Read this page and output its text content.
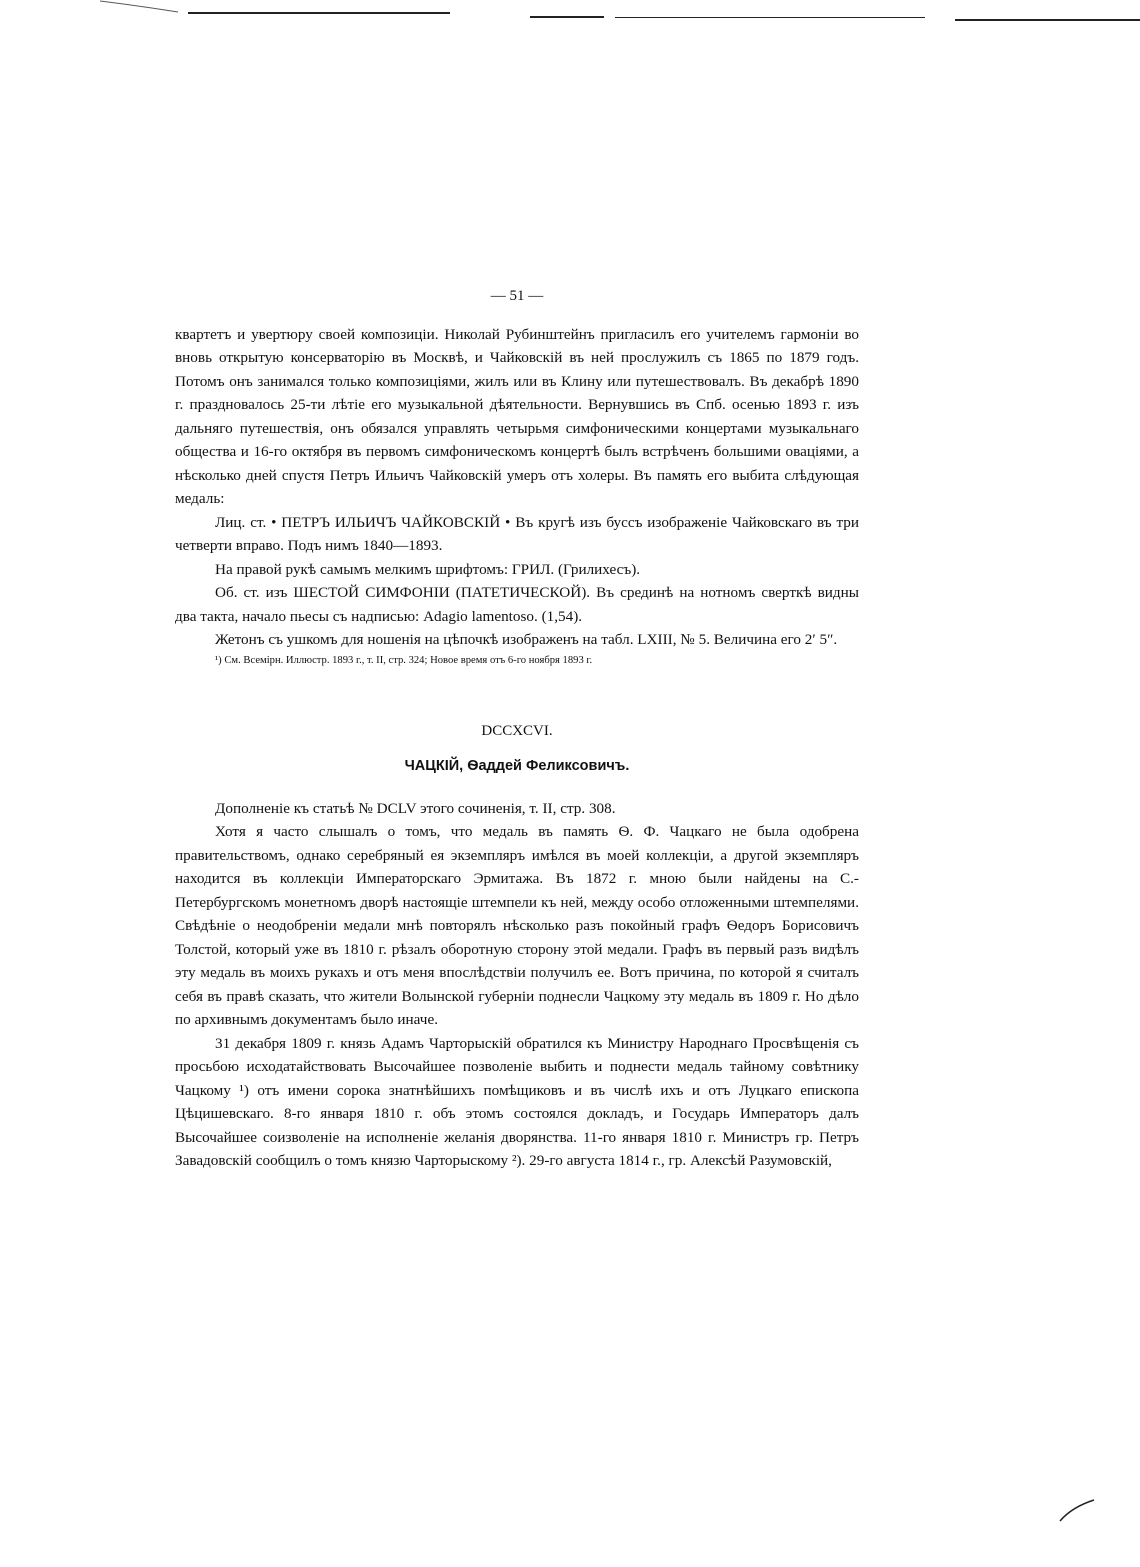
— 51 —

квартетъ и увертюру своей композиціи. Николай Рубинштейнъ пригласилъ его учителемъ гармоніи во вновь открытую консерваторію въ Москвѣ, и Чайковскій въ ней прослужилъ съ 1865 по 1879 годъ. Потомъ онъ занимался только композиціями, жилъ или въ Клину или путешествовалъ. Въ декабрѣ 1890 г. праздновалось 25-ти лѣтіе его музыкальной дѣятельности. Вернувшись въ Спб. осенью 1893 г. изъ дальняго путешествія, онъ обязался управлять четырьмя симфоническими концертами музыкальнаго общества и 16-го октября въ первомъ симфоническомъ концертѣ былъ встрѣченъ большими оваціями, а нѣсколько дней спустя Петръ Ильичъ Чайковскій умеръ отъ холеры. Въ память его выбита слѣдующая медаль:

Лиц. ст. • ПЕТРЪ ИЛЬИЧЪ ЧАЙКОВСКІЙ • Въ кругѣ изъ буссъ изображеніе Чайковскаго въ три четверти вправо. Подъ нимъ 1840—1893.

На правой рукѣ самымъ мелкимъ шрифтомъ: ГРИЛ. (Грилихесъ).

Об. ст. изъ ШЕСТОЙ СИМФОНІИ (ПАТЕТИЧЕСКОЙ). Въ срединѣ на нотномъ сверткѣ видны два такта, начало пьесы съ надписью: Adagio lamentoso. (1,54).

Жетонъ съ ушкомъ для ношенія на цѣпочкѣ изображенъ на табл. LXIII, № 5. Величина его 2′ 5″.

¹) См. Всемірн. Иллюстр. 1893 г., т. II, стр. 324; Новое время отъ 6-го ноября 1893 г.

DCCXCVI.
ЧАЦКІЙ, Ѳаддей Феликсовичъ.

Дополненіе къ статьѣ № DCLV этого сочиненія, т. II, стр. 308.

Хотя я часто слышалъ о томъ, что медаль въ память Ѳ. Ф. Чацкаго не была одобрена правительствомъ, однако серебряный ея экземпляръ имѣлся въ моей коллекціи, а другой экземпляръ находится въ коллекціи Императорскаго Эрмитажа. Въ 1872 г. мною были найдены на С.-Петербургскомъ монетномъ дворѣ настоящіе штемпели къ ней, между особо отложенными штемпелями. Свѣдѣніе о неодобреніи медали мнѣ повторялъ нѣсколько разъ покойный графъ Ѳедоръ Борисовичъ Толстой, который уже въ 1810 г. рѣзалъ оборотную сторону этой медали. Графъ въ первый разъ видѣлъ эту медаль въ моихъ рукахъ и отъ меня впослѣдствіи получилъ ее. Вотъ причина, по которой я считалъ себя въ правѣ сказать, что жители Волынской губерніи поднесли Чацкому эту медаль въ 1809 г. Но дѣло по архивнымъ документамъ было иначе.

31 декабря 1809 г. князь Адамъ Чарторыскій обратился къ Министру Народнаго Просвѣщенія съ просьбою исходатайствовать Высочайшее позволеніе выбить и поднести медаль тайному совѣтнику Чацкому ¹) отъ имени сорока знатнѣйшихъ помѣщиковъ и въ числѣ ихъ и отъ Луцкаго епископа Цѣцишевскаго. 8-го января 1810 г. объ этомъ состоялся докладъ, и Государь Императоръ далъ Высочайшее соизволеніе на исполненіе желанія дворянства. 11-го января 1810 г. Министръ гр. Петръ Завадовскій сообщилъ о томъ князю Чарторыскому ²). 29-го августа 1814 г., гр. Алексѣй Разумовскій,
